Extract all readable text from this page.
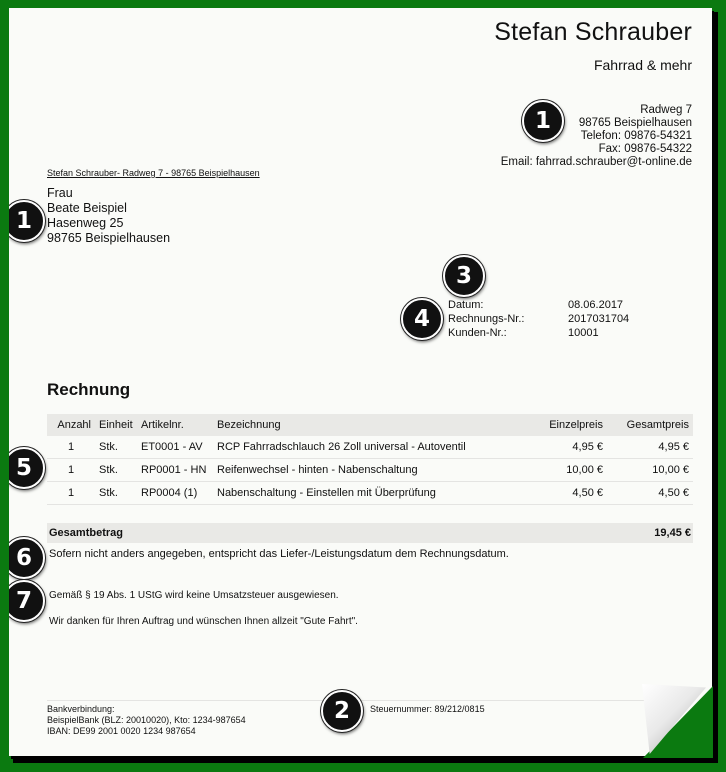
Stefan Schrauber
Fahrrad & mehr
Radweg 7
98765 Beispielhausen
Telefon: 09876-54321
Fax: 09876-54322
Email: fahrrad.schrauber@t-online.de
Stefan Schrauber- Radweg 7 - 98765 Beispielhausen
Frau
Beate Beispiel
Hasenweg 25
98765 Beispielhausen
Datum:	08.06.2017
Rechnungs-Nr.:	2017031704
Kunden-Nr.:	10001
Rechnung
Anzahl	Einheit	Artikelnr.	Bezeichnung	Einzelpreis	Gesamtpreis
1	Stk.	ET0001 - AV	RCP Fahrradschlauch 26 Zoll universal - Autoventil	4,95 €	4,95 €
1	Stk.	RP0001 - HN	Reifenwechsel - hinten - Nabenschaltung	10,00 €	10,00 €
1	Stk.	RP0004 (1)	Nabenschaltung - Einstellen mit Überprüfung	4,50 €	4,50 €
Gesamtbetrag	19,45 €
Sofern nicht anders angegeben, entspricht das Liefer-/Leistungsdatum dem Rechnungsdatum.
Gemäß § 19 Abs. 1 UStG wird keine Umsatzsteuer ausgewiesen.
Wir danken für Ihren Auftrag und wünschen Ihnen allzeit "Gute Fahrt".
Bankverbindung:
BeispielBank (BLZ: 20010020), Kto: 1234-987654
IBAN: DE99 2001 0020 1234 987654
Steuernummer: 89/212/0815
1
1
2
3
4
5
6
7
